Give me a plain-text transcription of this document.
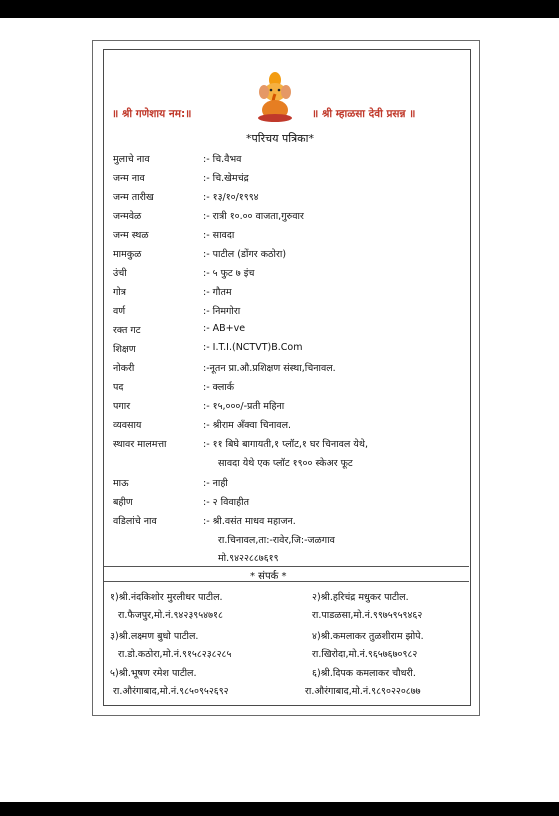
॥ श्री गणेशाय नम:॥	॥ श्री म्हाळसा देवी प्रसन्न ॥
*परिचय पत्रिका*
मुलाचे नाव	:- चि.वैभव
जन्म नाव	:- चि.खेमचंद्र
जन्म तारीख	:- १३/१०/१९९४
जन्मवेळ	:- रात्री १०.०० वाजता,गुरुवार
जन्म स्थळ	:- सावदा
मामकुळ	:- पाटील (डोंगर कठोरा)
उंची	:- ५ फुट ७ इंच
गोत्र	:- गौतम
वर्ण	:- निमगोरा
रक्त गट	:- AB+ve
शिक्षण	:- I.T.I.(NCTVT)B.Com
नोकरी	:-नूतन प्रा.औ.प्रशिक्षण संस्था,चिनावल.
पद	:- क्लार्क
पगार	:- १५,०००/-प्रती महिना
व्यवसाय	:- श्रीराम अँक्वा चिनावल.
स्थावर मालमत्ता	:- ११ बिघे बागायती,१ प्लॉट,१ घर चिनावल येथे,
सावदा येथे एक प्लॉट १९०० स्केअर फूट
माऊ	:- नाही
बहीण	:- २ विवाहीत
वडिलांचे नाव	:- श्री.वसंत माधव महाजन.
रा.चिनावल,ता:-रावेर,जि:-जळगाव
मो.९४२२८८७६१९
* संपर्क *
१)श्री.नंदकिशोर मुरलीधर पाटील.
रा.फैजपुर,मो.नं.९४२३९५४७१८
२)श्री.हरिचंद्र मधुकर पाटील.
रा.पाडळसा,मो.नं.९९७५९५९४६२
३)श्री.लक्ष्मण बुधो पाटील.
रा.डो.कठोरा,मो.नं.९१५८२३८२८५
४)श्री.कमलाकर तुळशीराम झोपे.
रा.खिरोदा,मो.नं.९६५७६७०९८२
५)श्री.भूषण रमेश पाटील.
रा.औरंगाबाद,मो.नं.९८५०९५२६९२
६)श्री.दिपक कमलाकर चौधरी.
रा.औरंगाबाद,मो.नं.९८९०२२०८७७
